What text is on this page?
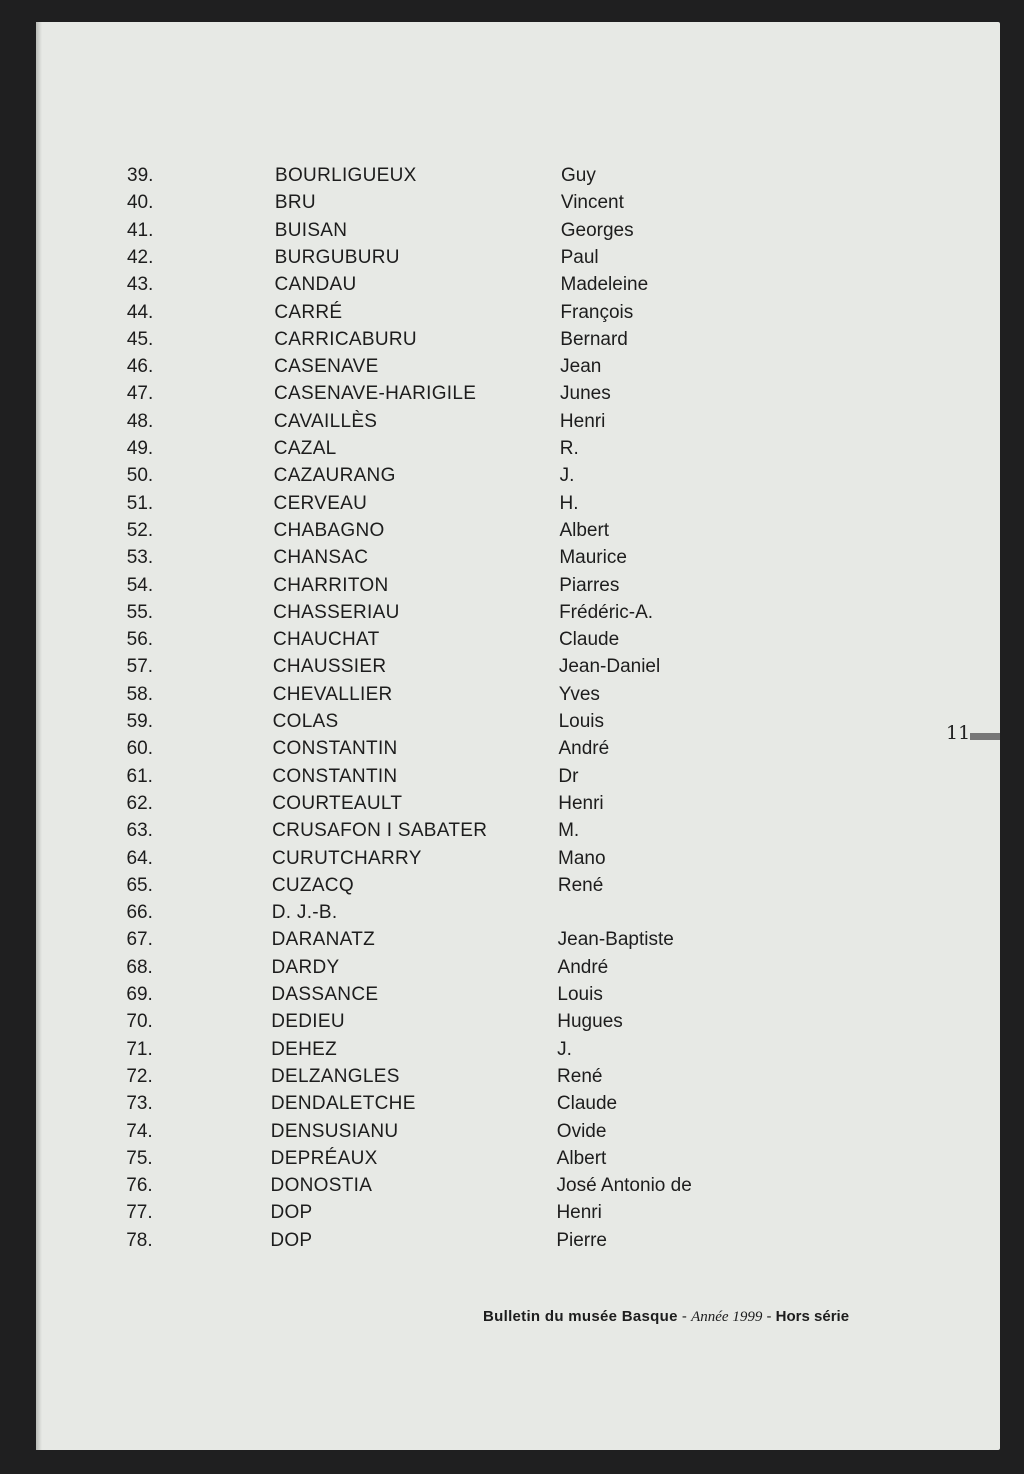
39.	BOURLIGUEUX	Guy
40.	BRU	Vincent
41.	BUISAN	Georges
42.	BURGUBURU	Paul
43.	CANDAU	Madeleine
44.	CARRÉ	François
45.	CARRICABURU	Bernard
46.	CASENAVE	Jean
47.	CASENAVE-HARIGILE	Junes
48.	CAVAILLÈS	Henri
49.	CAZAL	R.
50.	CAZAURANG	J.
51.	CERVEAU	H.
52.	CHABAGNO	Albert
53.	CHANSAC	Maurice
54.	CHARRITON	Piarres
55.	CHASSERIAU	Frédéric-A.
56.	CHAUCHAT	Claude
57.	CHAUSSIER	Jean-Daniel
58.	CHEVALLIER	Yves
59.	COLAS	Louis
60.	CONSTANTIN	André
61.	CONSTANTIN	Dr
62.	COURTEAULT	Henri
63.	CRUSAFON I SABATER	M.
64.	CURUTCHARRY	Mano
65.	CUZACQ	René
66.	D. J.-B.
67.	DARANATZ	Jean-Baptiste
68.	DARDY	André
69.	DASSANCE	Louis
70.	DEDIEU	Hugues
71.	DEHEZ	J.
72.	DELZANGLES	René
73.	DENDALETCHE	Claude
74.	DENSUSIANU	Ovide
75.	DEPRÉAUX	Albert
76.	DONOSTIA	José Antonio de
77.	DOP	Henri
78.	DOP	Pierre
11
Bulletin du musée Basque - Année 1999 - Hors série
